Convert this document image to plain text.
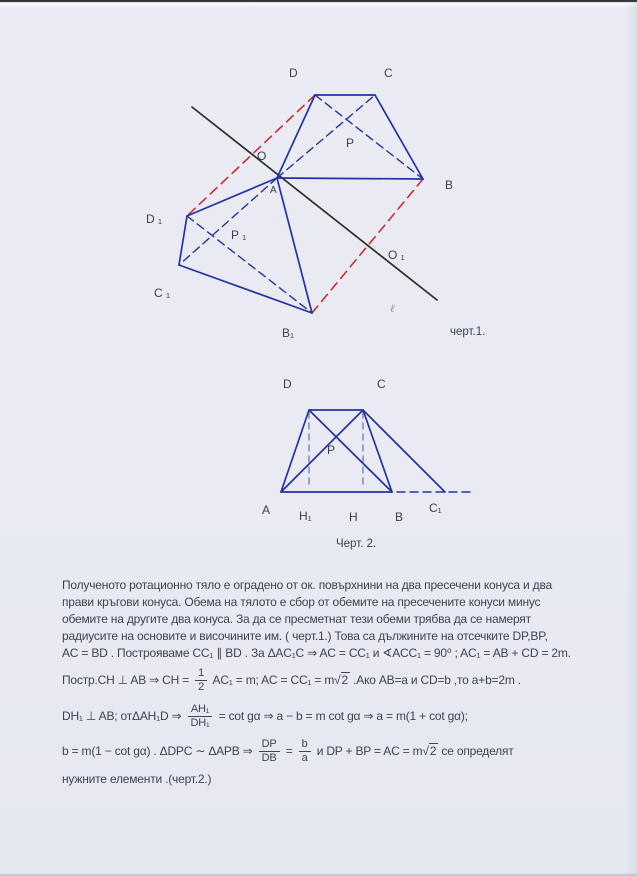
D	C
O
A	B
P
D ₁
C ₁
B₁
P ₁
O ₁
ℓ
D	C
A H₁	H	B
C₁
P
черт.1.
Черт. 2.
Полученото ротационно тяло е оградено от ок. повърхнини на два пресечени конуса и два
прави кръгови конуса. Обема на тялото е сбор от обемите на пресечените конуси минус
обемите на другите два конуса. За да се пресметнат тези обеми трябва да се намерят
радиусите на основите и височините им. ( черт.1.) Това са дължините на отсечките DP,BP,
AC = BD . Построяваме CC₁ ∥ BD . За ΔAC₁C ⇒ AC = CC₁ и ∢ACC₁ = 90⁰ ; AC₁ = AB + CD = 2m.
Постр.CH ⊥ AB ⇒ CH = $\frac{1}{2} AC_1 = m$; AC = CC₁ = m √2 .Ако AB=a и CD=b ,то a+b=2m .
DH₁ ⊥ AB; отΔAH₁D ⇒ $\frac{\text{AH₁}}{\text{DH₁}} = \cot g\alpha$ ⇒ a − b = m cot gα ⇒ a = m(1 + cot gα);
b = m(1 − cot gα) . ΔDPC ∼ ΔAPB ⇒ $\frac{DP}{DB} = \frac{b}{a}$ и DP + BP = AC = m √2 се определят
нужните елементи .(черт.2.)
